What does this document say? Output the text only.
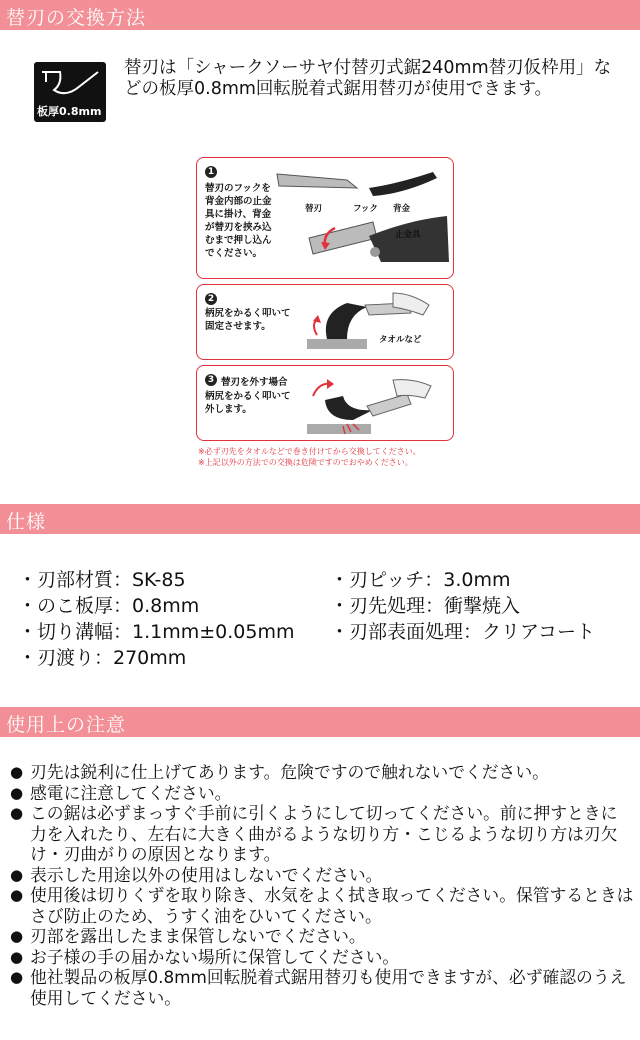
替刃の交換方法
板厚0.8mm
替刃は「シャークソーサヤ付替刃式鋸240mm替刃仮枠用」などの板厚0.8mm回転脱着式鋸用替刃が使用できます。
1
替刃のフックを
背金内部の止金
具に掛け、背金
が替刃を挟み込
むまで押し込ん
でください。
替刃	フック 背金
止金具
2
柄尻をかるく叩いて
固定させます。
タオルなど
3 替刃を外す場合
柄尻をかるく叩いて
外します。
※必ず刃先をタオルなどで巻き付けてから交換してください。
※上記以外の方法での交換は危険ですのでおやめください。
仕様
・刃部材質：SK-85
・のこ板厚：0.8mm
・切り溝幅：1.1mm±0.05mm
・刃渡り：270mm
・刃ピッチ：3.0mm
・刃先処理：衝撃焼入
・刃部表面処理：クリアコート
使用上の注意
● 刃先は鋭利に仕上げてあります。危険ですので触れないでください。
● 感電に注意してください。
● この鋸は必ずまっすぐ手前に引くようにして切ってください。前に押すときに力を入れたり、左右に大きく曲がるような切り方・こじるような切り方は刃欠け・刃曲がりの原因となります。
● 表示した用途以外の使用はしないでください。
● 使用後は切りくずを取り除き、水気をよく拭き取ってください。保管するときはさび防止のため、うすく油をひいてください。
● 刃部を露出したまま保管しないでください。
● お子様の手の届かない場所に保管してください。
● 他社製品の板厚0.8mm回転脱着式鋸用替刃も使用できますが、必ず確認のうえ使用してください。
